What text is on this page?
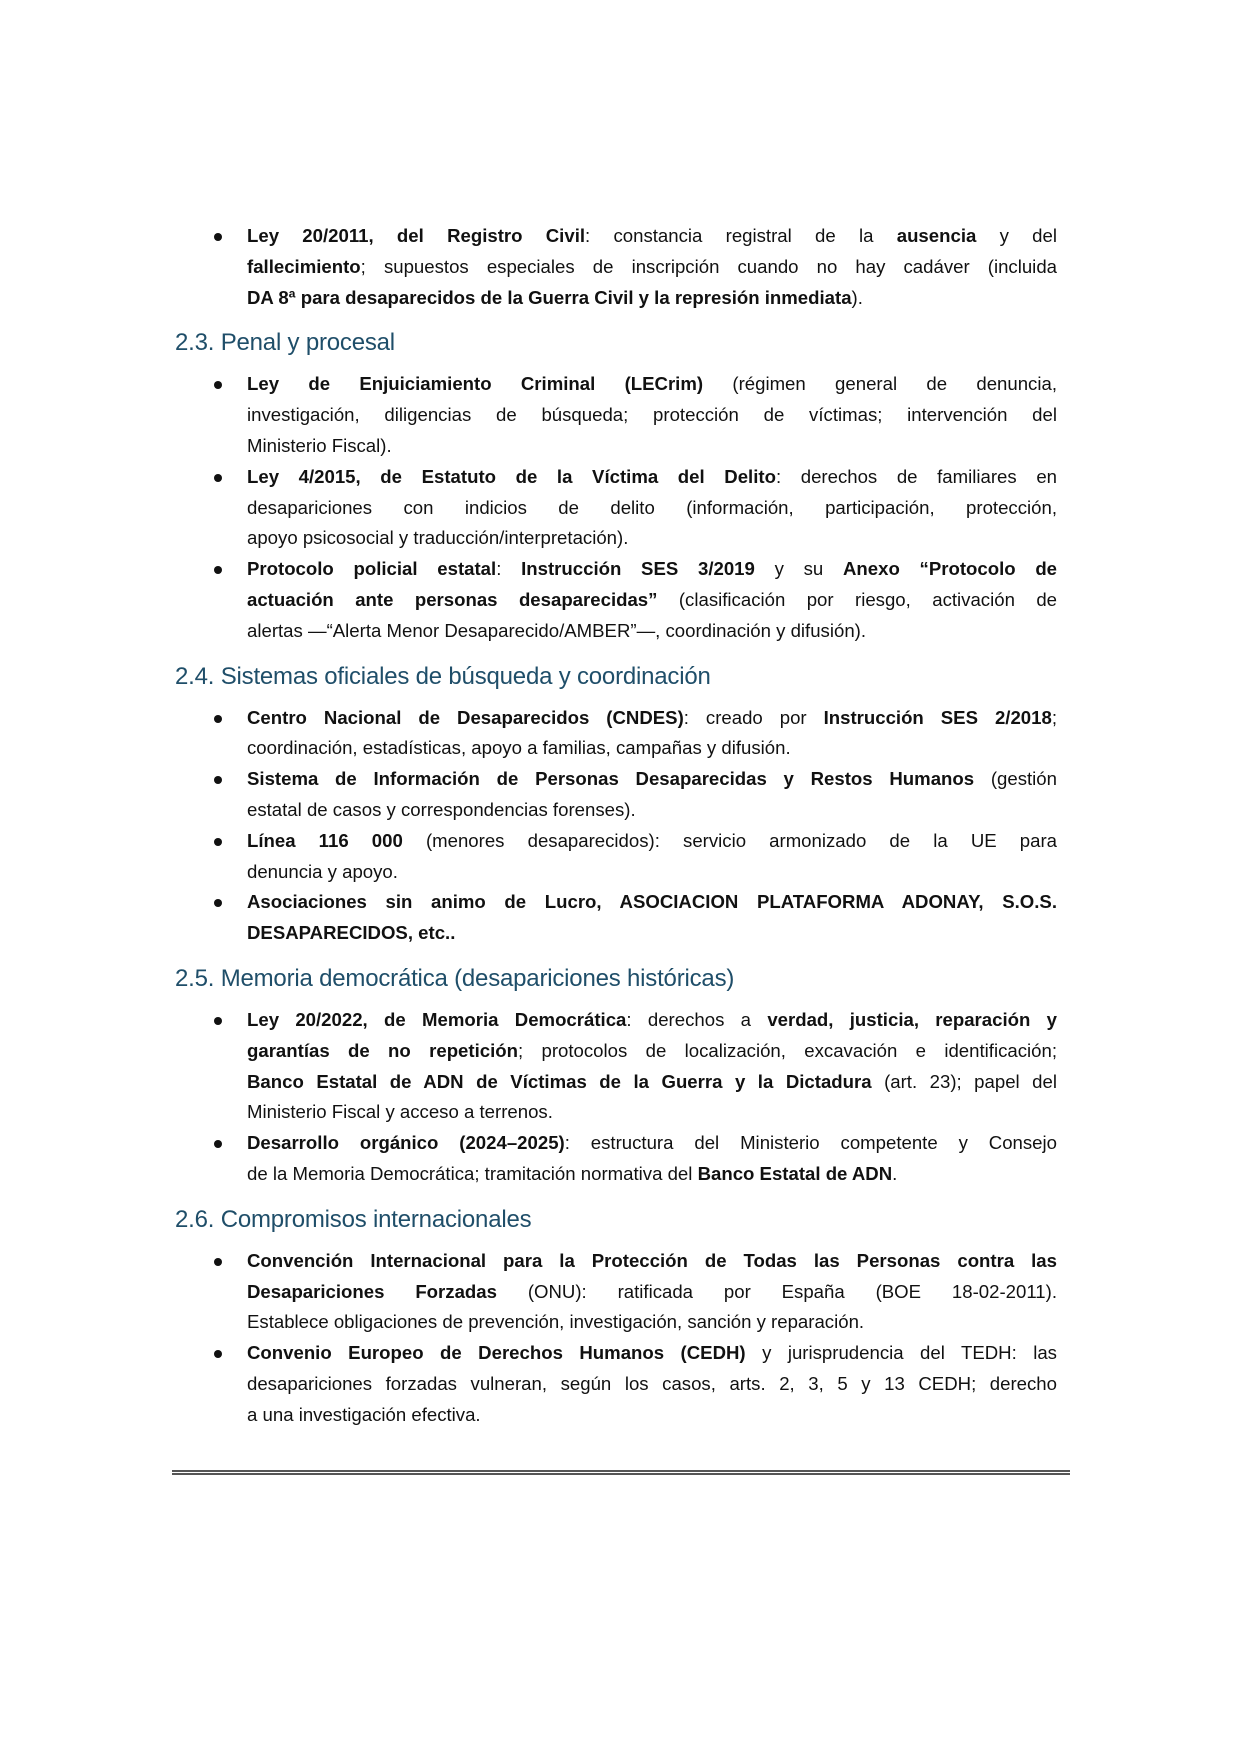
Ley 20/2011, del Registro Civil: constancia registral de la ausencia y del
fallecimiento; supuestos especiales de inscripción cuando no hay cadáver (incluida
DA 8ª para desaparecidos de la Guerra Civil y la represión inmediata).
2.3. Penal y procesal
Ley de Enjuiciamiento Criminal (LECrim) (régimen general de denuncia,
investigación, diligencias de búsqueda; protección de víctimas; intervención del
Ministerio Fiscal).
Ley 4/2015, de Estatuto de la Víctima del Delito: derechos de familiares en
desapariciones con indicios de delito (información, participación, protección,
apoyo psicosocial y traducción/interpretación).
Protocolo policial estatal: Instrucción SES 3/2019 y su Anexo “Protocolo de
actuación ante personas desaparecidas” (clasificación por riesgo, activación de
alertas —“Alerta Menor Desaparecido/AMBER”—, coordinación y difusión).
2.4. Sistemas oficiales de búsqueda y coordinación
Centro Nacional de Desaparecidos (CNDES): creado por Instrucción SES 2/2018;
coordinación, estadísticas, apoyo a familias, campañas y difusión.
Sistema de Información de Personas Desaparecidas y Restos Humanos (gestión
estatal de casos y correspondencias forenses).
Línea 116 000 (menores desaparecidos): servicio armonizado de la UE para
denuncia y apoyo.
Asociaciones sin animo de Lucro, ASOCIACION PLATAFORMA ADONAY, S.O.S.
DESAPARECIDOS, etc..
2.5. Memoria democrática (desapariciones históricas)
Ley 20/2022, de Memoria Democrática: derechos a verdad, justicia, reparación y
garantías de no repetición; protocolos de localización, excavación e identificación;
Banco Estatal de ADN de Víctimas de la Guerra y la Dictadura (art. 23); papel del
Ministerio Fiscal y acceso a terrenos.
Desarrollo orgánico (2024–2025): estructura del Ministerio competente y Consejo
de la Memoria Democrática; tramitación normativa del Banco Estatal de ADN.
2.6. Compromisos internacionales
Convención Internacional para la Protección de Todas las Personas contra las
Desapariciones Forzadas (ONU): ratificada por España (BOE 18-02-2011).
Establece obligaciones de prevención, investigación, sanción y reparación.
Convenio Europeo de Derechos Humanos (CEDH) y jurisprudencia del TEDH: las
desapariciones forzadas vulneran, según los casos, arts. 2, 3, 5 y 13 CEDH; derecho
a una investigación efectiva.
